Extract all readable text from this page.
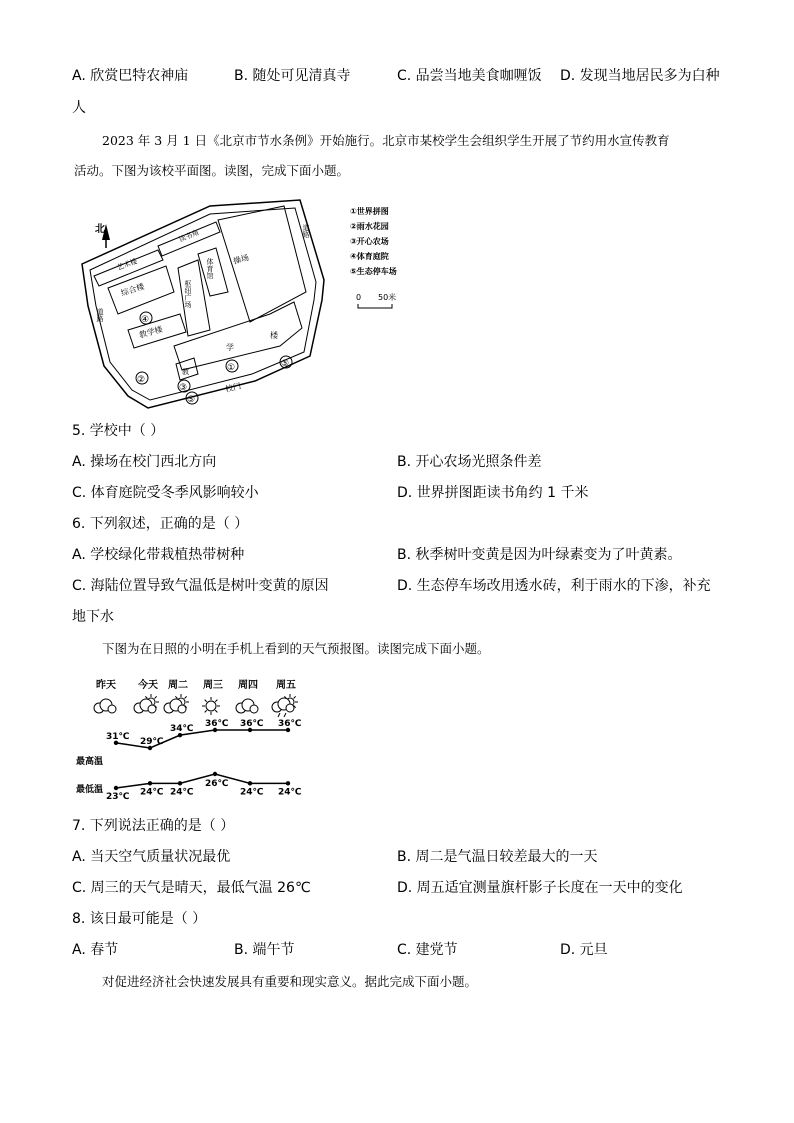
A. 欣赏巴特农神庙	B. 随处可见清真寺	C. 品尝当地美食咖喱饭 D. 发现当地居民多为白种
人
2023 年 3 月 1 日《北京市节水条例》开始施行。北京市某校学生会组织学生开展了节约用水宣传教育
活动。下图为该校平面图。读图，完成下面小题。
北
艺术楼
读书角
综合楼	枢纽广场
体育馆 操场
④
教学楼
学
楼
教	①
③
②
⑤
⑤
校门
道路
道路
①世界拼图
②雨水花园
③开心农场
④体育庭院
⑤生态停车场
0 50米
5. 学校中（ ）
A. 操场在校门西北方向	B. 开心农场光照条件差
C. 体育庭院受冬季风影响较小	D. 世界拼图距读书角约 1 千米
6. 下列叙述，正确的是（ ）
A. 学校绿化带栽植热带树种	B. 秋季树叶变黄是因为叶绿素变为了叶黄素。
C. 海陆位置导致气温低是树叶变黄的原因	D. 生态停车场改用透水砖，利于雨水的下渗，补充
地下水
下图为在日照的小明在手机上看到的天气预报图。读图完成下面小题。
昨天 今天 周二 周三 周四 周五
31℃
29℃
34℃
36℃ 36℃ 36℃
23℃ 24℃ 24℃
26℃
24℃ 24℃
最高温
最低温
7. 下列说法正确的是（ ）
A. 当天空气质量状况最优	B. 周二是气温日较差最大的一天
C. 周三的天气是晴天，最低气温 26℃	D. 周五适宜测量旗杆影子长度在一天中的变化
8. 该日最可能是（ ）
A. 春节	B. 端午节	C. 建党节	D. 元旦
对促进经济社会快速发展具有重要和现实意义。据此完成下面小题。
